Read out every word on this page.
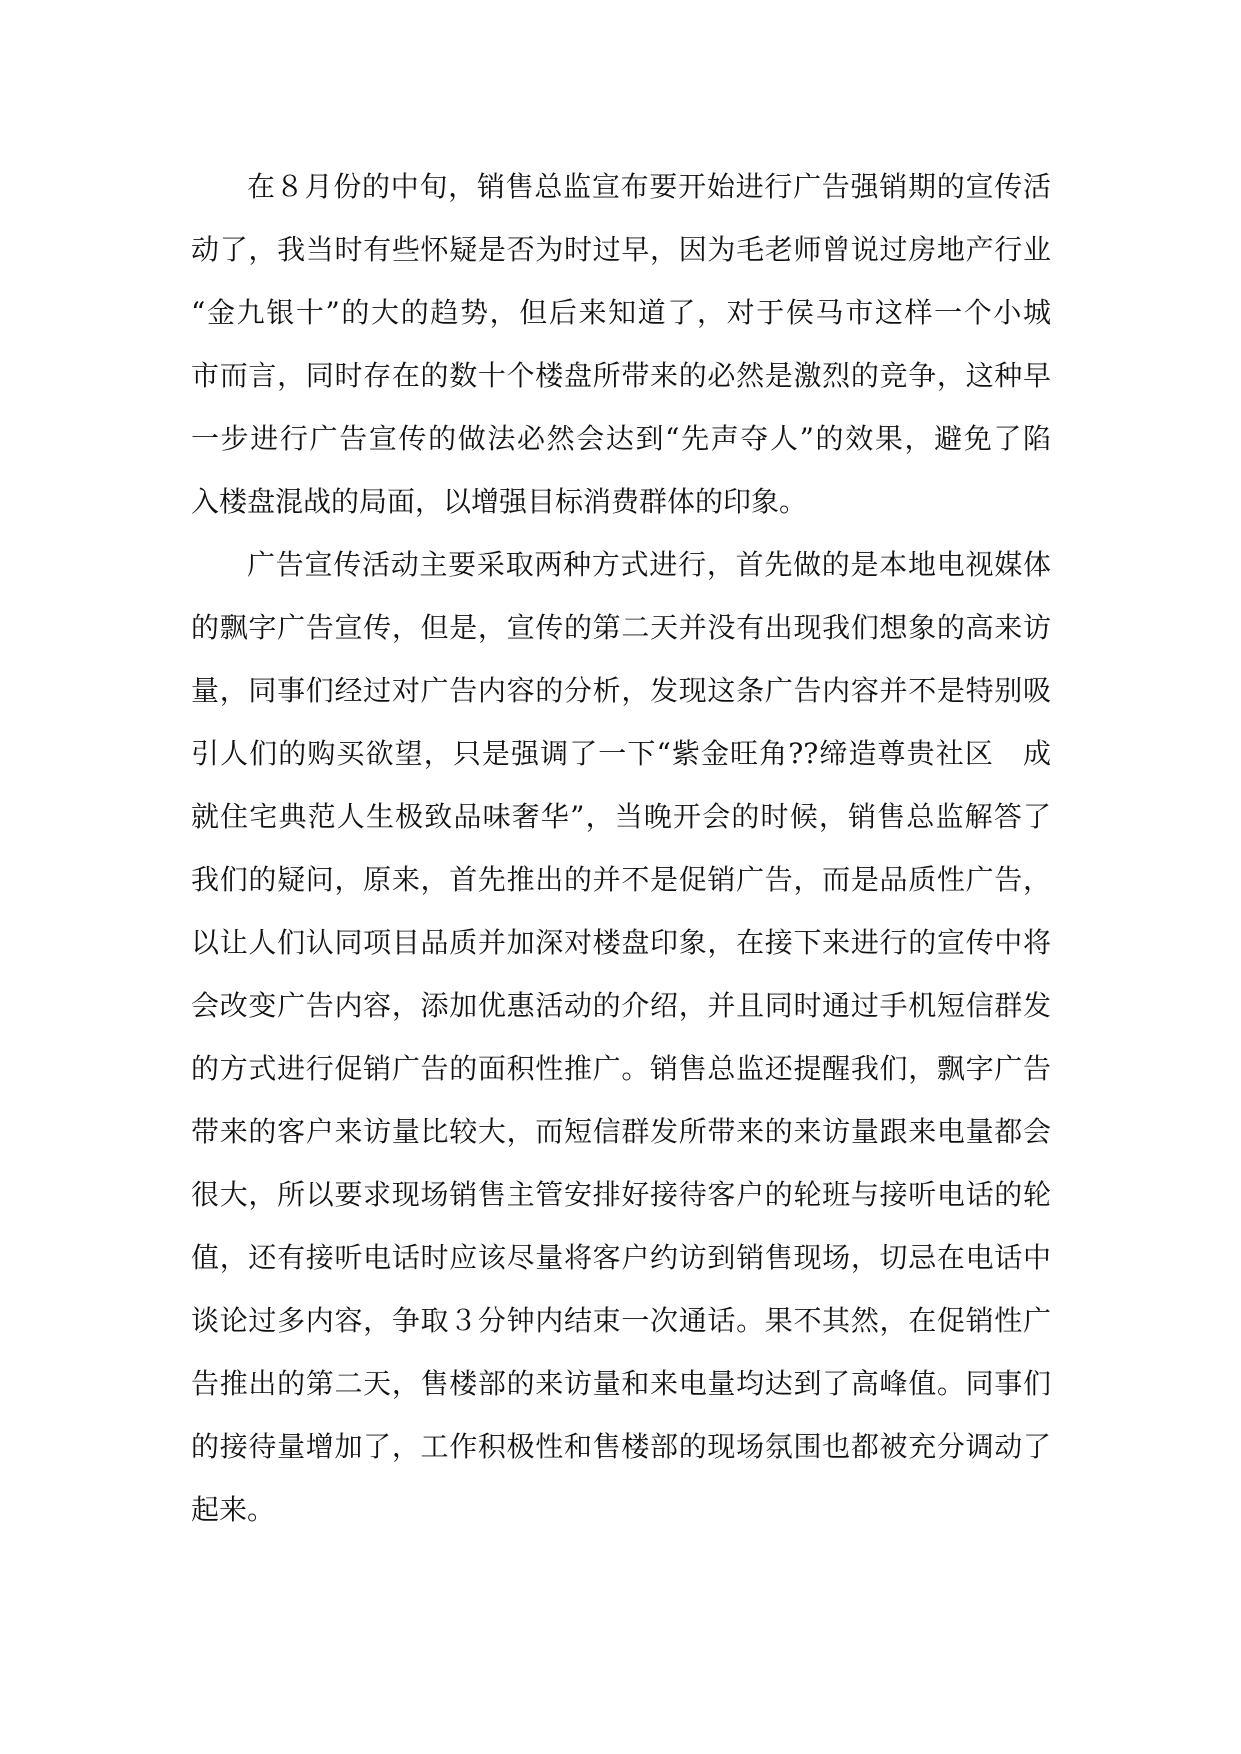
在８月份的中旬，销售总监宣布要开始进行广告强销期的宣传活

动了，我当时有些怀疑是否为时过早，因为毛老师曾说过房地产行业

“金九银十”的大的趋势，但后来知道了，对于侯马市这样一个小城

市而言，同时存在的数十个楼盘所带来的必然是激烈的竞争，这种早

一步进行广告宣传的做法必然会达到“先声夺人”的效果，避免了陷

入楼盘混战的局面，以增强目标消费群体的印象。

广告宣传活动主要采取两种方式进行，首先做的是本地电视媒体

的飘字广告宣传，但是，宣传的第二天并没有出现我们想象的高来访

量，同事们经过对广告内容的分析，发现这条广告内容并不是特别吸

引人们的购买欲望，只是强调了一下“紫金旺角??缔造尊贵社区　成

就住宅典范人生极致品味奢华”，当晚开会的时候，销售总监解答了

我们的疑问，原来，首先推出的并不是促销广告，而是品质性广告，

以让人们认同项目品质并加深对楼盘印象，在接下来进行的宣传中将

会改变广告内容，添加优惠活动的介绍，并且同时通过手机短信群发

的方式进行促销广告的面积性推广。销售总监还提醒我们，飘字广告

带来的客户来访量比较大，而短信群发所带来的来访量跟来电量都会

很大，所以要求现场销售主管安排好接待客户的轮班与接听电话的轮

值，还有接听电话时应该尽量将客户约访到销售现场，切忌在电话中

谈论过多内容，争取３分钟内结束一次通话。果不其然，在促销性广

告推出的第二天，售楼部的来访量和来电量均达到了高峰值。同事们

的接待量增加了，工作积极性和售楼部的现场氛围也都被充分调动了

起来。
